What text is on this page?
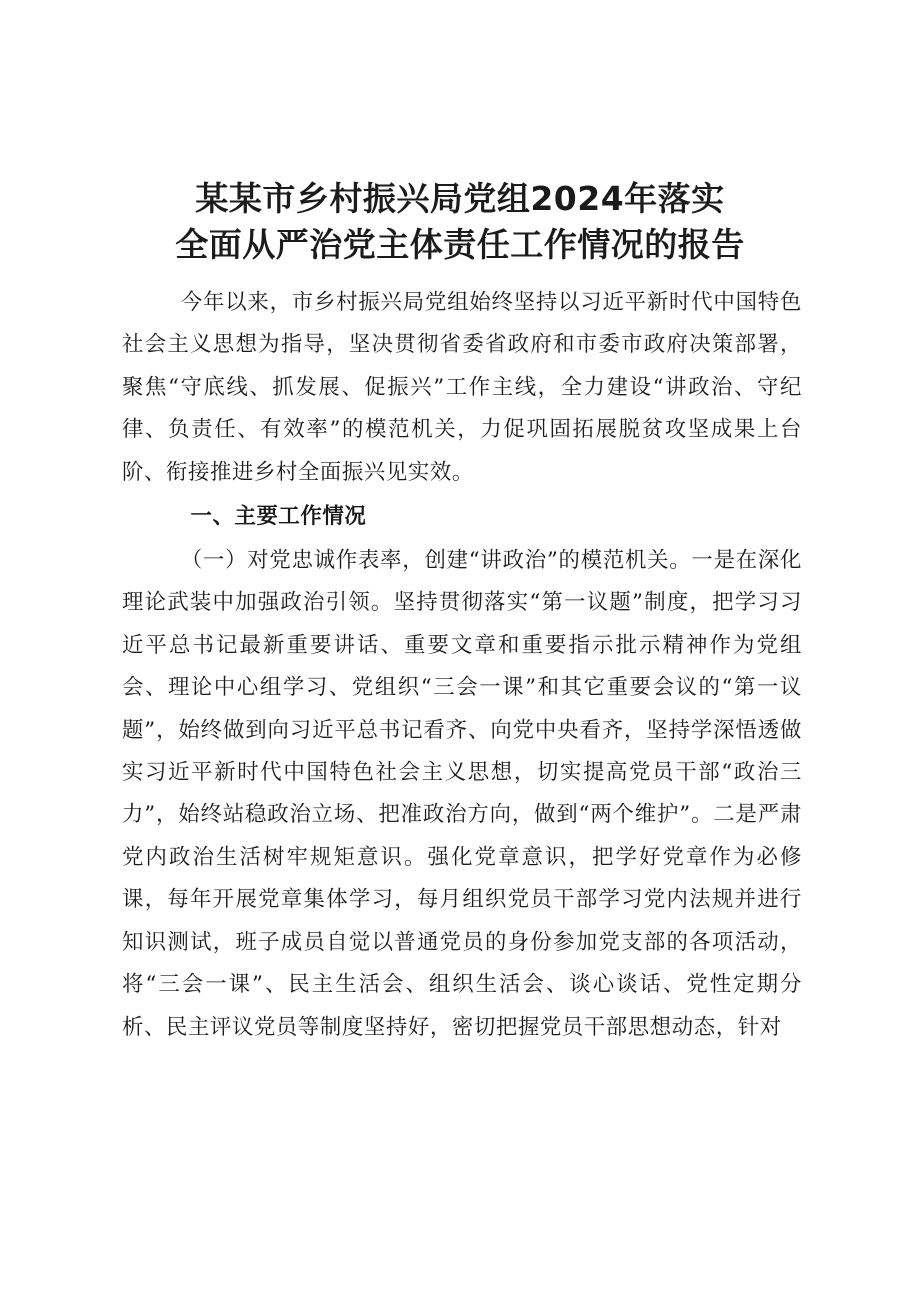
某某市乡村振兴局党组2024年落实
全面从严治党主体责任工作情况的报告

今年以来，市乡村振兴局党组始终坚持以习近平新时代中国特色社会主义思想为指导，坚决贯彻省委省政府和市委市政府决策部署，聚焦“守底线、抓发展、促振兴”工作主线，全力建设“讲政治、守纪律、负责任、有效率”的模范机关，力促巩固拓展脱贫攻坚成果上台阶、衔接推进乡村全面振兴见实效。

一、主要工作情况

（一）对党忠诚作表率，创建“讲政治”的模范机关。一是在深化理论武装中加强政治引领。坚持贯彻落实“第一议题”制度，把学习习近平总书记最新重要讲话、重要文章和重要指示批示精神作为党组会、理论中心组学习、党组织“三会一课”和其它重要会议的“第一议题”，始终做到向习近平总书记看齐、向党中央看齐，坚持学深悟透做实习近平新时代中国特色社会主义思想，切实提高党员干部“政治三力”，始终站稳政治立场、把准政治方向，做到“两个维护”。二是严肃党内政治生活树牢规矩意识。强化党章意识，把学好党章作为必修课，每年开展党章集体学习，每月组织党员干部学习党内法规并进行知识测试，班子成员自觉以普通党员的身份参加党支部的各项活动，将“三会一课”、民主生活会、组织生活会、谈心谈话、党性定期分析、民主评议党员等制度坚持好，密切把握党员干部思想动态，针对
